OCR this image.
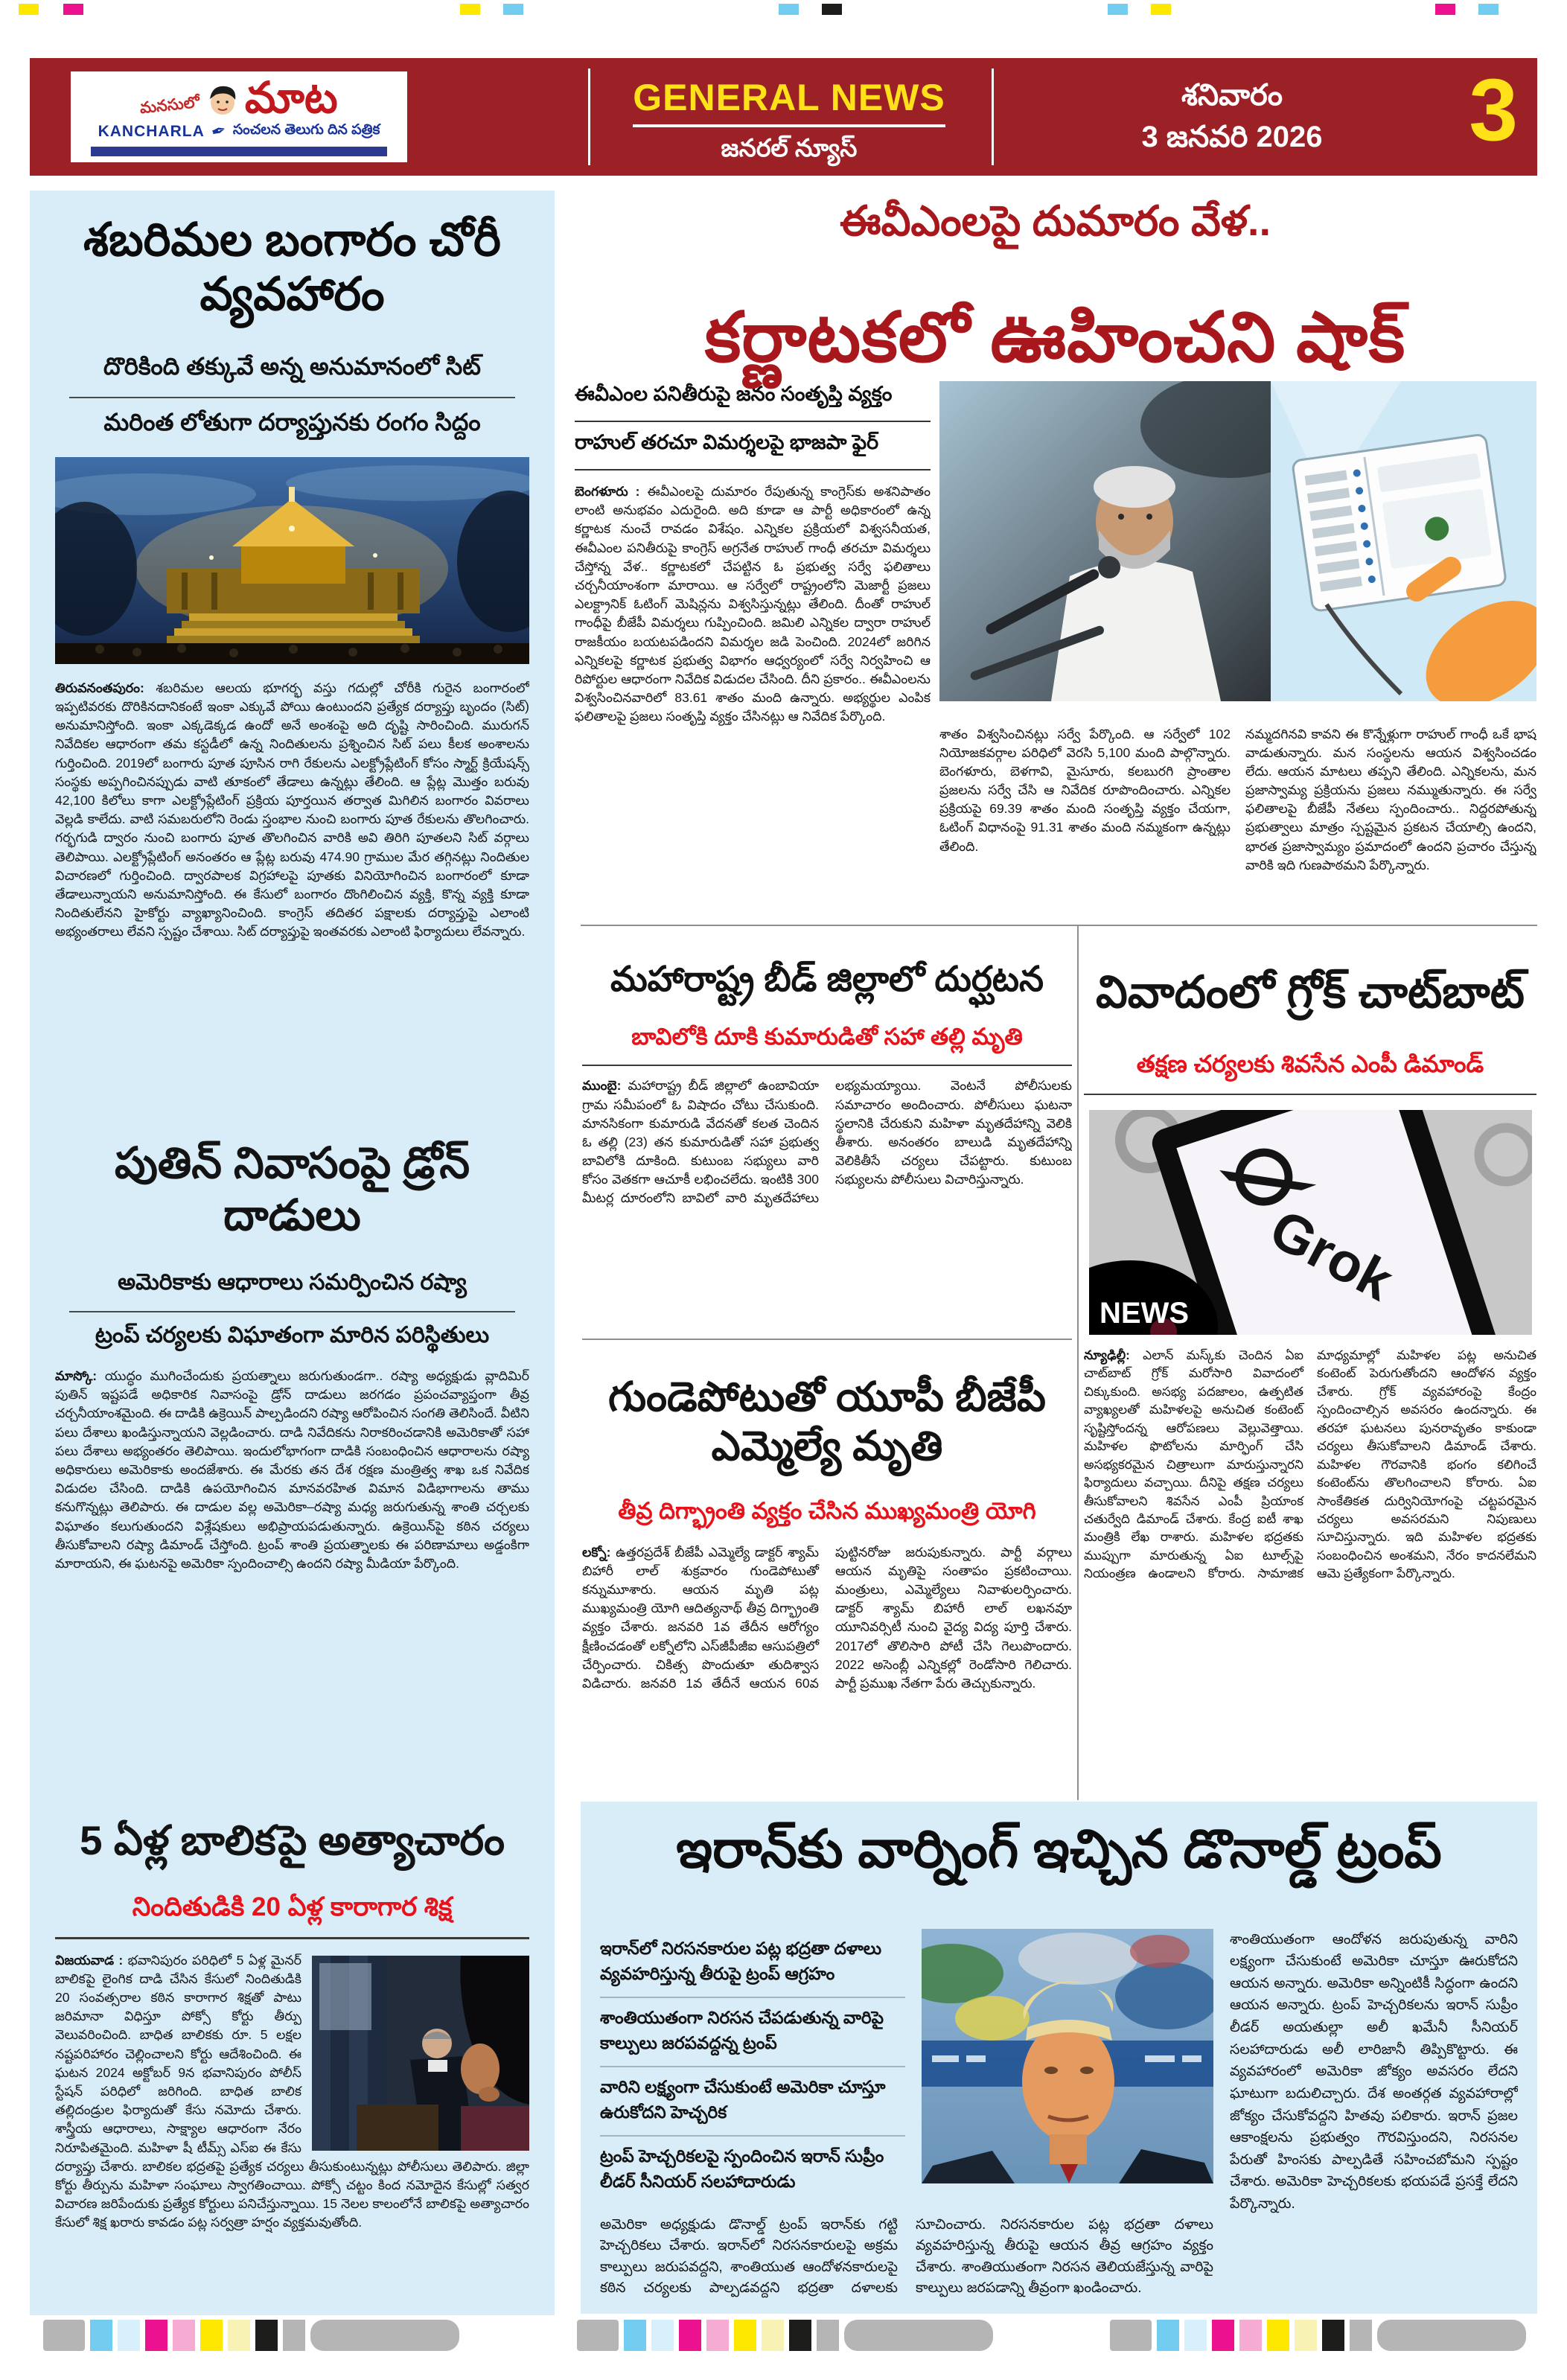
మనసులో మాట
KANCHARLA ✒ సంచలన తెలుగు దిన పత్రిక
GENERAL NEWS
జనరల్ న్యూస్
శనివారం
3 జనవరి 2026	3
శబరిమల బంగారం చోరీ వ్యవహారం
దొరికింది తక్కువే అన్న అనుమానంలో సిట్
మరింత లోతుగా దర్యాప్తునకు రంగం సిద్దం

తిరువనంతపురం: శబరిమల ఆలయ భూగర్భ వస్తు గదుల్లో చోరీకి గురైన బంగారంలో ఇప్పటివరకు దొరికినదానికంటే ఇంకా ఎక్కువే పోయి ఉంటుందని ప్రత్యేక దర్యాప్తు బృందం (సిట్) అనుమానిస్తోంది. ఇంకా ఎక్కడెక్కడ ఉందో అనే అంశంపై అది దృష్టి సారించింది. మురుగన్ నివేదికల ఆధారంగా తమ కస్టడీలో ఉన్న నిందితులను ప్రశ్నించిన సిట్ పలు కీలక అంశాలను గుర్తించింది. 2019లో బంగారు పూత పూసిన రాగి రేకులను ఎలక్ట్రోప్లేటింగ్ కోసం స్మార్ట్ క్రియేషన్స్ సంస్థకు అప్పగించినప్పుడు వాటి తూకంలో తేడాలు ఉన్నట్లు తేలింది. ఆ ప్లేట్ల మొత్తం బరువు 42,100 కిలోలు కాగా ఎలక్ట్రోప్లేటింగ్ ప్రక్రియ పూర్తయిన తర్వాత మిగిలిన బంగారం వివరాలు వెల్లడి కాలేదు. వాటి సమబరులోని రెండు స్తంభాల నుంచి బంగారు పూత రేకులను తొలగించారు. గర్భగుడి ద్వారం నుంచి బంగారు పూత తొలగించిన వారికి అవి తిరిగి పూతలని సిట్ వర్గాలు తెలిపాయి. ఎలక్ట్రోప్లేటింగ్ అనంతరం ఆ ప్లేట్ల బరువు 474.90 గ్రాముల మేర తగ్గినట్లు నిందితుల విచారణలో గుర్తించింది. ద్వారపాలక విగ్రహాలపై పూతకు వినియోగించిన బంగారంలో కూడా తేడాలున్నాయని అనుమానిస్తోంది. ఈ కేసులో బంగారం దొంగిలించిన వ్యక్తి, కొన్న వ్యక్తి కూడా నిందితులేనని హైకోర్టు వ్యాఖ్యానించింది. కాంగ్రెస్ తదితర పక్షాలకు దర్యాప్తుపై ఎలాంటి అభ్యంతరాలు లేవని స్పష్టం చేశాయి. సిట్ దర్యాప్తుపై ఇంతవరకు ఎలాంటి ఫిర్యాదులు లేవన్నారు.

పుతిన్ నివాసంపై డ్రోన్ దాడులు
అమెరికాకు ఆధారాలు సమర్పించిన రష్యా
ట్రంప్ చర్యలకు విఘాతంగా మారిన పరిస్థితులు

మాస్కో: యుద్ధం ముగించేందుకు ప్రయత్నాలు జరుగుతుండగా.. రష్యా అధ్యక్షుడు వ్లాదిమిర్ పుతిన్ ఇష్టపడే అధికారిక నివాసంపై డ్రోన్ దాడులు జరగడం ప్రపంచవ్యాప్తంగా తీవ్ర చర్చనీయాంశమైంది. ఈ దాడికి ఉక్రెయిన్ పాల్పడిందని రష్యా ఆరోపించిన సంగతి తెలిసిందే. వీటిని పలు దేశాలు ఖండిస్తున్నాయని వెల్లడించారు. దాడి నివేదికను నిరాకరించడానికి అమెరికాతో సహా పలు దేశాలు అభ్యంతరం తెలిపాయి. ఇందులోభాగంగా దాడికి సంబంధించిన ఆధారాలను రష్యా అధికారులు అమెరికాకు అందజేశారు. ఈ మేరకు తన దేశ రక్షణ మంత్రిత్వ శాఖ ఒక నివేదిక విడుదల చేసింది. దాడికి ఉపయోగించిన మానవరహిత విమాన విడిభాగాలను తాము కనుగొన్నట్లు తెలిపారు. ఈ దాడుల వల్ల అమెరికా–రష్యా మధ్య జరుగుతున్న శాంతి చర్చలకు విఘాతం కలుగుతుందని విశ్లేషకులు అభిప్రాయపడుతున్నారు. ఉక్రెయిన్‌పై కఠిన చర్యలు తీసుకోవాలని రష్యా డిమాండ్ చేస్తోంది. ట్రంప్ శాంతి ప్రయత్నాలకు ఈ పరిణామాలు అడ్డంకిగా మారాయని, ఈ ఘటనపై అమెరికా స్పందించాల్సి ఉందని రష్యా మీడియా పేర్కొంది.

5 ఏళ్ల బాలికపై అత్యాచారం
నిందితుడికి 20 ఏళ్ల కారాగార శిక్ష
విజయవాడ : భవానిపురం పరిధిలో 5 ఏళ్ల మైనర్ బాలికపై లైంగిక దాడి చేసిన కేసులో నిందితుడికి 20 సంవత్సరాల కఠిన కారాగార శిక్షతో పాటు జరిమానా విధిస్తూ పోక్సో కోర్టు తీర్పు వెలువరించింది. బాధిత బాలికకు రూ. 5 లక్షల నష్టపరిహారం చెల్లించాలని కోర్టు ఆదేశించింది. ఈ ఘటన 2024 అక్టోబర్ 9న భవానిపురం పోలీస్ స్టేషన్ పరిధిలో జరిగింది. బాధిత బాలిక తల్లిదండ్రుల ఫిర్యాదుతో కేసు నమోదు చేశారు. శాస్త్రీయ ఆధారాలు, సాక్ష్యాల ఆధారంగా నేరం నిరూపితమైంది. మహిళా షీ టీమ్స్ ఎస్ఐ ఈ కేసు దర్యాప్తు చేశారు. బాలికల భద్రతపై ప్రత్యేక చర్యలు తీసుకుంటున్నట్లు పోలీసులు తెలిపారు. జిల్లా కోర్టు తీర్పును మహిళా సంఘాలు స్వాగతించాయి. పోక్సో చట్టం కింద నమోదైన కేసుల్లో సత్వర విచారణ జరిపేందుకు ప్రత్యేక కోర్టులు పనిచేస్తున్నాయి. 15 నెలల కాలంలోనే బాలికపై అత్యాచారం కేసులో శిక్ష ఖరారు కావడం పట్ల సర్వత్రా హర్షం వ్యక్తమవుతోంది.
ఈవీఎంలపై దుమారం వేళ..
కర్ణాటకలో ఊహించని షాక్
ఈవీఎంల పనితీరుపై జనం సంతృప్తి వ్యక్తం
రాహుల్ తరచూ విమర్శలపై భాజపా ఫైర్

బెంగళూరు : ఈవీఎంలపై దుమారం రేపుతున్న కాంగ్రెస్‌కు అశనిపాతం లాంటి అనుభవం ఎదురైంది. అది కూడా ఆ పార్టీ అధికారంలో ఉన్న కర్ణాటక నుంచే రావడం విశేషం. ఎన్నికల ప్రక్రియలో విశ్వసనీయత, ఈవీఎంల పనితీరుపై కాంగ్రెస్ అగ్రనేత రాహుల్ గాంధీ తరచూ విమర్శలు చేస్తోన్న వేళ.. కర్ణాటకలో చేపట్టిన ఓ ప్రభుత్వ సర్వే ఫలితాలు చర్చనీయాంశంగా మారాయి. ఆ సర్వేలో రాష్ట్రంలోని మెజార్టీ ప్రజలు ఎలక్ట్రానిక్ ఓటింగ్ మెషిన్లను విశ్వసిస్తున్నట్లు తేలింది. దీంతో రాహుల్ గాంధీపై బీజేపీ విమర్శలు గుప్పించింది. జమిలి ఎన్నికల ద్వారా రాహుల్ రాజకీయం బయటపడిందని విమర్శల జడి పెంచింది. 2024లో జరిగిన ఎన్నికలపై కర్ణాటక ప్రభుత్వ విభాగం ఆధ్వర్యంలో సర్వే నిర్వహించి ఆ రిపోర్టుల ఆధారంగా నివేదిక విడుదల చేసింది. దీని ప్రకారం.. ఈవీఎంలను విశ్వసించినవారిలో 83.61 శాతం మంది ఉన్నారు. అభ్యర్థుల ఎంపిక ఫలితాలపై ప్రజలు సంతృప్తి వ్యక్తం చేసినట్లు ఆ నివేదిక పేర్కొంది.

శాతం విశ్వసించినట్లు సర్వే పేర్కొంది. ఆ సర్వేలో 102 నియోజకవర్గాల పరిధిలో వెరసి 5,100 మంది పాల్గొన్నారు. బెంగళూరు, బెళగావి, మైసూరు, కలబురగి ప్రాంతాల ప్రజలను సర్వే చేసి ఆ నివేదిక రూపొందించారు. ఎన్నికల ప్రక్రియపై 69.39 శాతం మంది సంతృప్తి వ్యక్తం చేయగా, ఓటింగ్ విధానంపై 91.31 శాతం మంది నమ్మకంగా ఉన్నట్లు తేలింది.

నమ్మదగినవి కావని ఈ కొన్నేళ్లుగా రాహుల్ గాంధీ ఒకే భాష వాడుతున్నారు. మన సంస్థలను ఆయన విశ్వసించడం లేదు. ఆయన మాటలు తప్పని తేలింది. ఎన్నికలను, మన ప్రజాస్వామ్య ప్రక్రియను ప్రజలు నమ్ముతున్నారు. ఈ సర్వే ఫలితాలపై బీజేపీ నేతలు స్పందించారు.. నిద్దరపోతున్న ప్రభుత్వాలు మాత్రం స్పష్టమైన ప్రకటన చేయాల్సి ఉందని, భారత ప్రజాస్వామ్యం ప్రమాదంలో ఉందని ప్రచారం చేస్తున్న వారికి ఇది గుణపాఠమని పేర్కొన్నారు.

మహారాష్ట్ర బీడ్ జిల్లాలో దుర్ఘటన
బావిలోకి దూకి కుమారుడితో సహా తల్లి మృతి
ముంబై: మహారాష్ట్ర బీడ్ జిల్లాలో ఉంబావియా గ్రామ సమీపంలో ఓ విషాదం చోటు చేసుకుంది. మానసికంగా కుమారుడి వేదనతో కలత చెందిన ఓ తల్లి (23) తన కుమారుడితో సహా ప్రభుత్వ బావిలోకి దూకింది. కుటుంబ సభ్యులు వారి కోసం వెతకగా ఆచూకీ లభించలేదు. ఇంటికి 300 మీటర్ల దూరంలోని బావిలో వారి మృతదేహాలు లభ్యమయ్యాయి. వెంటనే పోలీసులకు సమాచారం అందించారు. పోలీసులు ఘటనా స్థలానికి చేరుకుని మహిళా మృతదేహాన్ని వెలికి తీశారు. అనంతరం బాలుడి మృతదేహాన్ని వెలికితీసే చర్యలు చేపట్టారు. కుటుంబ సభ్యులను పోలీసులు విచారిస్తున్నారు.
గుండెపోటుతో యూపీ బీజేపీ ఎమ్మెల్యే మృతి
తీవ్ర దిగ్భ్రాంతి వ్యక్తం చేసిన ముఖ్యమంత్రి యోగి
లక్నో: ఉత్తరప్రదేశ్ బీజేపీ ఎమ్మెల్యే డాక్టర్ శ్యామ్ బిహారీ లాల్ శుక్రవారం గుండెపోటుతో కన్నుమూశారు. ఆయన మృతి పట్ల ముఖ్యమంత్రి యోగి ఆదిత్యనాథ్ తీవ్ర దిగ్భ్రాంతి వ్యక్తం చేశారు. జనవరి 1వ తేదీన ఆరోగ్యం క్షీణించడంతో లక్నోలోని ఎస్‌జీపీజీఐ ఆసుపత్రిలో చేర్పించారు. చికిత్స పొందుతూ తుదిశ్వాస విడిచారు. జనవరి 1వ తేదీనే ఆయన 60వ పుట్టినరోజు జరుపుకున్నారు. పార్టీ వర్గాలు ఆయన మృతిపై సంతాపం ప్రకటించాయి. మంత్రులు, ఎమ్మెల్యేలు నివాళులర్పించారు. డాక్టర్ శ్యామ్ బిహారీ లాల్ లఖనవూ యూనివర్సిటీ నుంచి వైద్య విద్య పూర్తి చేశారు. 2017లో తొలిసారి పోటీ చేసి గెలుపొందారు. 2022 అసెంబ్లీ ఎన్నికల్లో రెండోసారి గెలిచారు. పార్టీ ప్రముఖ నేతగా పేరు తెచ్చుకున్నారు.
వివాదంలో గ్రోక్ చాట్‌బాట్
తక్షణ చర్యలకు శివసేన ఎంపీ డిమాండ్
Grok
NEWS
న్యూఢిల్లీ: ఎలాన్ మస్క్‌కు చెందిన ఏఐ చాట్‌బాట్ గ్రోక్ మరోసారి వివాదంలో చిక్కుకుంది. అసభ్య పదజాలం, ఉత్పటిత వ్యాఖ్యలతో మహిళలపై అనుచిత కంటెంట్ సృష్టిస్తోందన్న ఆరోపణలు వెల్లువెత్తాయి. మహిళల ఫొటోలను మార్ఫింగ్ చేసి అసభ్యకరమైన చిత్రాలుగా మారుస్తున్నారని ఫిర్యాదులు వచ్చాయి. దీనిపై తక్షణ చర్యలు తీసుకోవాలని శివసేన ఎంపీ ప్రియాంక చతుర్వేది డిమాండ్ చేశారు. కేంద్ర ఐటీ శాఖ మంత్రికి లేఖ రాశారు. మహిళల భద్రతకు ముప్పుగా మారుతున్న ఏఐ టూల్స్‌పై నియంత్రణ ఉండాలని కోరారు. సామాజిక మాధ్యమాల్లో మహిళల పట్ల అనుచిత కంటెంట్ పెరుగుతోందని ఆందోళన వ్యక్తం చేశారు. గ్రోక్ వ్యవహారంపై కేంద్రం స్పందించాల్సిన అవసరం ఉందన్నారు. ఈ తరహా ఘటనలు పునరావృతం కాకుండా చర్యలు తీసుకోవాలని డిమాండ్ చేశారు. మహిళల గౌరవానికి భంగం కలిగించే కంటెంట్‌ను తొలగించాలని కోరారు. ఏఐ సాంకేతికత దుర్వినియోగంపై చట్టపరమైన చర్యలు అవసరమని నిపుణులు సూచిస్తున్నారు. ఇది మహిళల భద్రతకు సంబంధించిన అంశమని, నేరం కాదనలేమని ఆమె ప్రత్యేకంగా పేర్కొన్నారు.
ఇరాన్‌కు వార్నింగ్ ఇచ్చిన డొనాల్డ్ ట్రంప్
ఇరాన్‌లో నిరసనకారుల పట్ల భద్రతా దళాలు వ్యవహరిస్తున్న తీరుపై ట్రంప్ ఆగ్రహం
శాంతియుతంగా నిరసన చేపడుతున్న వారిపై కాల్పులు జరపవద్దన్న ట్రంప్
వారిని లక్ష్యంగా చేసుకుంటే అమెరికా చూస్తూ ఉరుకోదని హెచ్చరిక
ట్రంప్ హెచ్చరికలపై స్పందించిన ఇరాన్ సుప్రీం లీడర్ సీనియర్ సలహాదారుడు
అమెరికా అధ్యక్షుడు డొనాల్డ్ ట్రంప్ ఇరాన్‌కు గట్టి హెచ్చరికలు చేశారు. ఇరాన్‌లో నిరసనకారులపై అక్రమ కాల్పులు జరుపవద్దని, శాంతియుత ఆందోళనకారులపై కఠిన చర్యలకు పాల్పడవద్దని భద్రతా దళాలకు సూచించారు. నిరసనకారుల పట్ల భద్రతా దళాలు వ్యవహరిస్తున్న తీరుపై ఆయన తీవ్ర ఆగ్రహం వ్యక్తం చేశారు. శాంతియుతంగా నిరసన తెలియజేస్తున్న వారిపై కాల్పులు జరపడాన్ని తీవ్రంగా ఖండించారు.
శాంతియుతంగా ఆందోళన జరుపుతున్న వారిని లక్ష్యంగా చేసుకుంటే అమెరికా చూస్తూ ఊరుకోదని ఆయన అన్నారు. అమెరికా అన్నింటికీ సిద్ధంగా ఉందని ఆయన అన్నారు. ట్రంప్ హెచ్చరికలను ఇరాన్ సుప్రీం లీడర్ అయతుల్లా అలీ ఖమేనీ సీనియర్ సలహాదారుడు అలీ లారిజానీ తిప్పికొట్టారు. ఈ వ్యవహారంలో అమెరికా జోక్యం అవసరం లేదని ఘాటుగా బదులిచ్చారు. దేశ అంతర్గత వ్యవహారాల్లో జోక్యం చేసుకోవద్దని హితవు పలికారు. ఇరాన్ ప్రజల ఆకాంక్షలను ప్రభుత్వం గౌరవిస్తుందని, నిరసనల పేరుతో హింసకు పాల్పడితే సహించబోమని స్పష్టం చేశారు. అమెరికా హెచ్చరికలకు భయపడే ప్రసక్తే లేదని పేర్కొన్నారు.
